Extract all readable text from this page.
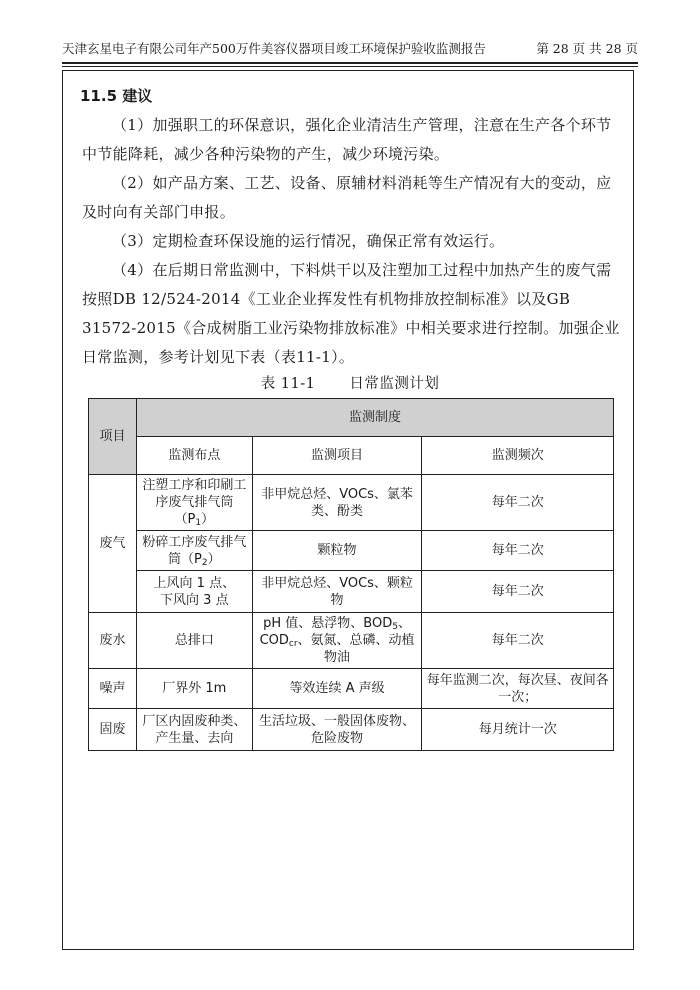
天津玄星电子有限公司年产500万件美容仪器项目竣工环境保护验收监测报告	第 28 页 共 28 页
11.5 建议

（1）加强职工的环保意识，强化企业清洁生产管理，注意在生产各个环节中节能降耗，减少各种污染物的产生，减少环境污染。

（2）如产品方案、工艺、设备、原辅材料消耗等生产情况有大的变动，应及时向有关部门申报。

（3）定期检查环保设施的运行情况，确保正常有效运行。

（4）在后期日常监测中，下料烘干以及注塑加工过程中加热产生的废气需按照DB 12/524-2014《工业企业挥发性有机物排放控制标准》以及GB 31572-2015《合成树脂工业污染物排放标准》中相关要求进行控制。加强企业日常监测，参考计划见下表（表11-1）。

表 11-1 日常监测计划
项目	监测制度		
	监测布点	监测项目	监测频次
废气	注塑工序和印刷工序废气排气筒$(P_1)$	非甲烷总烃、VOCs、氯苯类、酚类	每年二次
	粉碎工序废气排气筒$(P_2)$	颗粒物	每年二次
	上风向 1 点、
下风向 3 点	非甲烷总烃、VOCs、颗粒物	每年二次
废水	总排口	pH 值、悬浮物、$BOD_5$、$COD_{cr}$、氨氮、总磷、动植物油	每年二次
噪声	厂界外 1m	等效连续 A 声级	每年监测二次，每次昼、夜间各一次；
固废	厂区内固废种类、产生量、去向	生活垃圾、一般固体废物、危险废物	每月统计一次
